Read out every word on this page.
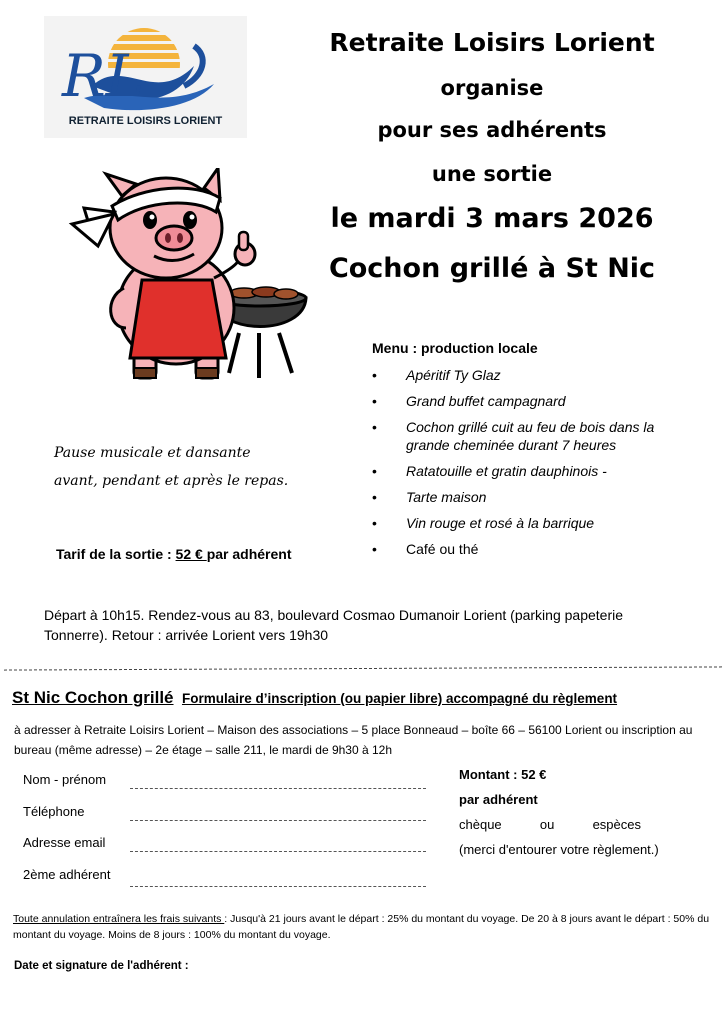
RL
RETRAITE LOISIRS LORIENT
Retraite Loisirs Lorient
organise
pour ses adhérents
une sortie
le mardi 3 mars 2026
Cochon grillé à St Nic
Menu : production locale
• Apéritif Ty Glaz
• Grand buffet campagnard
• Cochon grillé cuit au feu de bois dans la grande cheminée durant 7 heures
• Ratatouille et gratin dauphinois -
• Tarte maison
• Vin rouge et rosé à la barrique
• Café ou thé
Pause musicale et dansante
avant, pendant et après le repas.
Tarif de la sortie : 52 € par adhérent
Départ à 10h15. Rendez-vous au 83, boulevard Cosmao Dumanoir Lorient (parking papeterie Tonnerre). Retour : arrivée Lorient vers 19h30
St Nic Cochon grillé Formulaire d’inscription (ou papier libre) accompagné du règlement
à adresser à Retraite Loisirs Lorient – Maison des associations – 5 place Bonneaud – boîte 66 – 56100 Lorient ou inscription au bureau (même adresse) – 2e étage – salle 211, le mardi de 9h30 à 12h
Nom - prénom
Téléphone
Adresse email
2ème adhérent
Montant : 52 €
par adhérent
chèque	ou	espèces
(merci d'entourer votre règlement.)
Toute annulation entraînera les frais suivants : Jusqu'à 21 jours avant le départ : 25% du montant du voyage. De 20 à 8 jours avant le départ : 50% du montant du voyage. Moins de 8 jours : 100% du montant du voyage.
Date et signature de l'adhérent :
